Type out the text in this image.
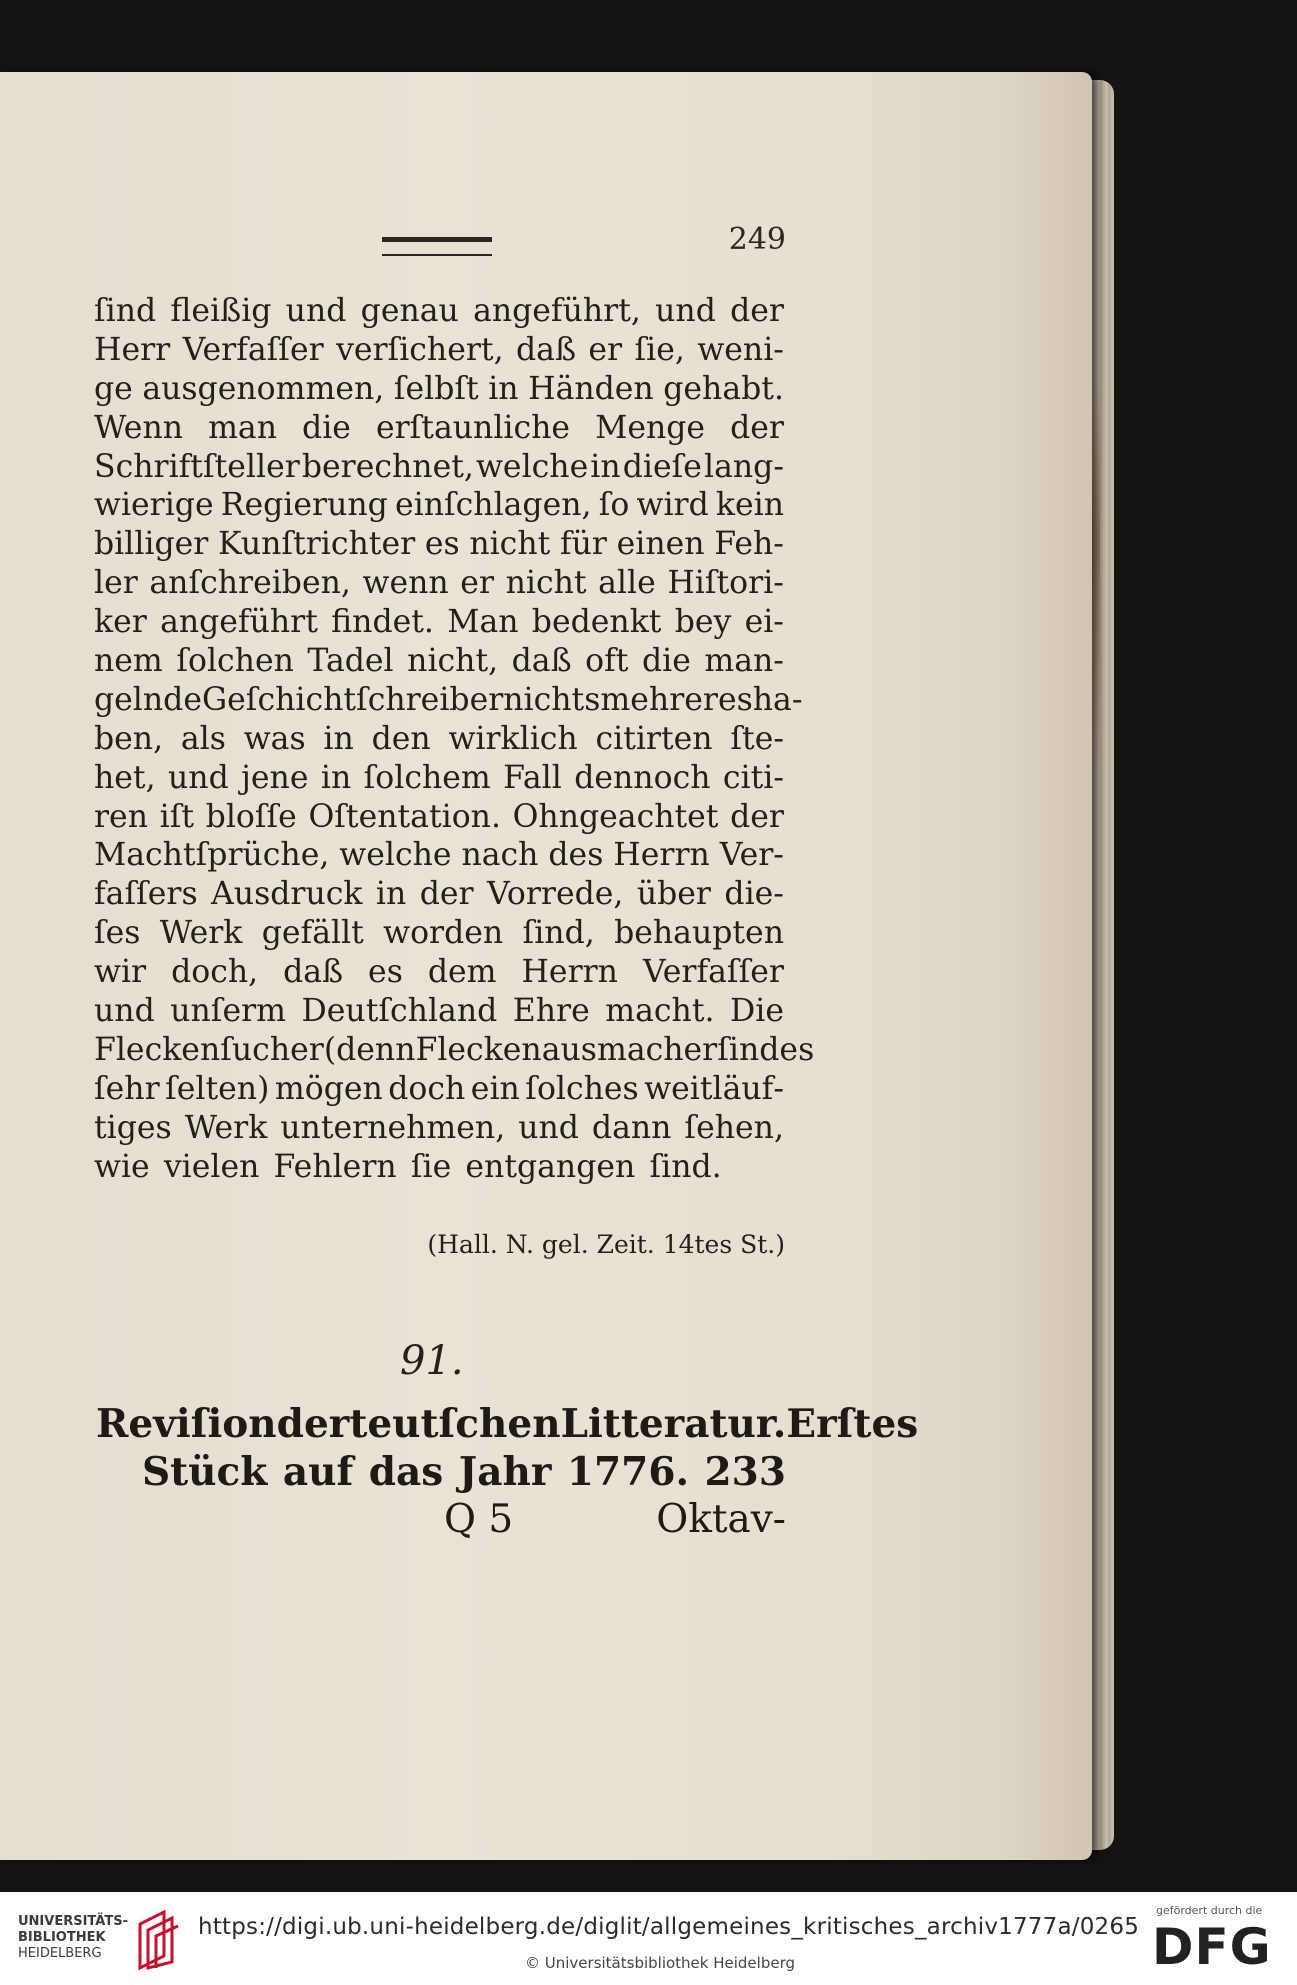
249
ſind fleißig und genau angeführt, und der
Herr Verfaſſer verſichert, daß er ſie, weni‑
ge ausgenommen, ſelbſt in Händen gehabt.
Wenn man die erſtaunliche Menge der
Schriftſteller berechnet, welche in dieſe lang‑
wierige Regierung einſchlagen, ſo wird kein
billiger Kunſtrichter es nicht für einen Feh‑
ler anſchreiben, wenn er nicht alle Hiſtori‑
ker angeführt findet. Man bedenkt bey ei‑
nem ſolchen Tadel nicht, daß oft die man‑
gelnde Geſchichtſchreiber nichts mehreres ha‑
ben, als was in den wirklich citirten ſte‑
het, und jene in ſolchem Fall dennoch citi‑
ren iſt bloſſe Oſtentation. Ohngeachtet der
Machtſprüche, welche nach des Herrn Ver‑
faſſers Ausdruck in der Vorrede, über die‑
ſes Werk gefällt worden ſind, behaupten
wir doch, daß es dem Herrn Verfaſſer
und unſerm Deutſchland Ehre macht. Die
Fleckenſucher (denn Fleckenausmacher ſind es
ſehr ſelten) mögen doch ein ſolches weitläuf‑
tiges Werk unternehmen, und dann ſehen,
wie vielen Fehlern ſie entgangen ſind.
(Hall. N. gel. Zeit. 14tes St.)
91.
Reviſion der teutſchen Litteratur. Erſtes
Stück auf das Jahr 1776. 233
Q 5	Oktav‑
UNIVERSITÄTS-
BIBLIOTHEK
HEIDELBERG
https://digi.ub.uni-heidelberg.de/diglit/allgemeines_kritisches_archiv1777a/0265
© Universitätsbibliothek Heidelberg
gefördert durch die
DFG
